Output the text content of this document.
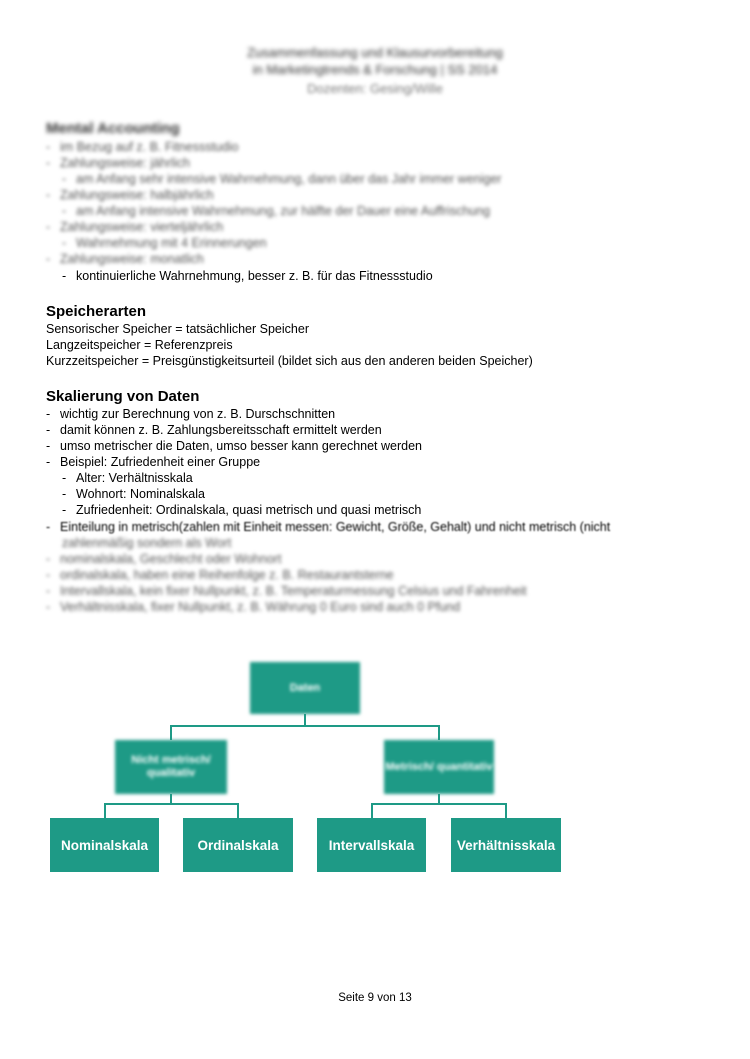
Zusammenfassung und Klausurvorbereitung
in Marketingtrends & Forschung | SS 2014
Dozenten: Gesing/Wille
Mental Accounting
- im Bezug auf z. B. Fitnessstudio
- Zahlungsweise: jährlich
- am Anfang sehr intensive Wahrnehmung, dann über das Jahr immer weniger
- Zahlungsweise: halbjährlich
- am Anfang intensive Wahrnehmung, zur hälfte der Dauer eine Auffrischung
- Zahlungsweise: vierteljährlich
- Wahrnehmung mit 4 Erinnerungen
- Zahlungsweise: monatlich
- kontinuierliche Wahrnehmung, besser z. B. für das Fitnessstudio
Speicherarten
Sensorischer Speicher = tatsächlicher Speicher
Langzeitspeicher = Referenzpreis
Kurzzeitspeicher = Preisgünstigkeitsurteil (bildet sich aus den anderen beiden Speicher)
Skalierung von Daten
- wichtig zur Berechnung von z. B. Durschschnitten
- damit können z. B. Zahlungsbereitsschaft ermittelt werden
- umso metrischer die Daten, umso besser kann gerechnet werden
- Beispiel: Zufriedenheit einer Gruppe
- Alter: Verhältnisskala
- Wohnort: Nominalskala
- Zufriedenheit: Ordinalskala, quasi metrisch und quasi metrisch
- Einteilung in metrisch(zahlen mit Einheit messen: Gewicht, Größe, Gehalt) und nicht metrisch (nicht
zahlenmäßig sondern als Wort
- nominalskala, Geschlecht oder Wohnort
- ordinalskala, haben eine Reihenfolge z. B. Restaurantsterne
- Intervallskala, kein fixer Nullpunkt, z. B. Temperaturmessung Celsius und Fahrenheit
- Verhältnisskala, fixer Nullpunkt, z. B. Währung 0 Euro sind auch 0 Pfund
Daten
Nicht metrisch/ qualitativ
Metrisch/ quantitativ
Nominalskala	Ordinalskala	Intervallskala	Verhältnisskala
Seite 9 von 13
